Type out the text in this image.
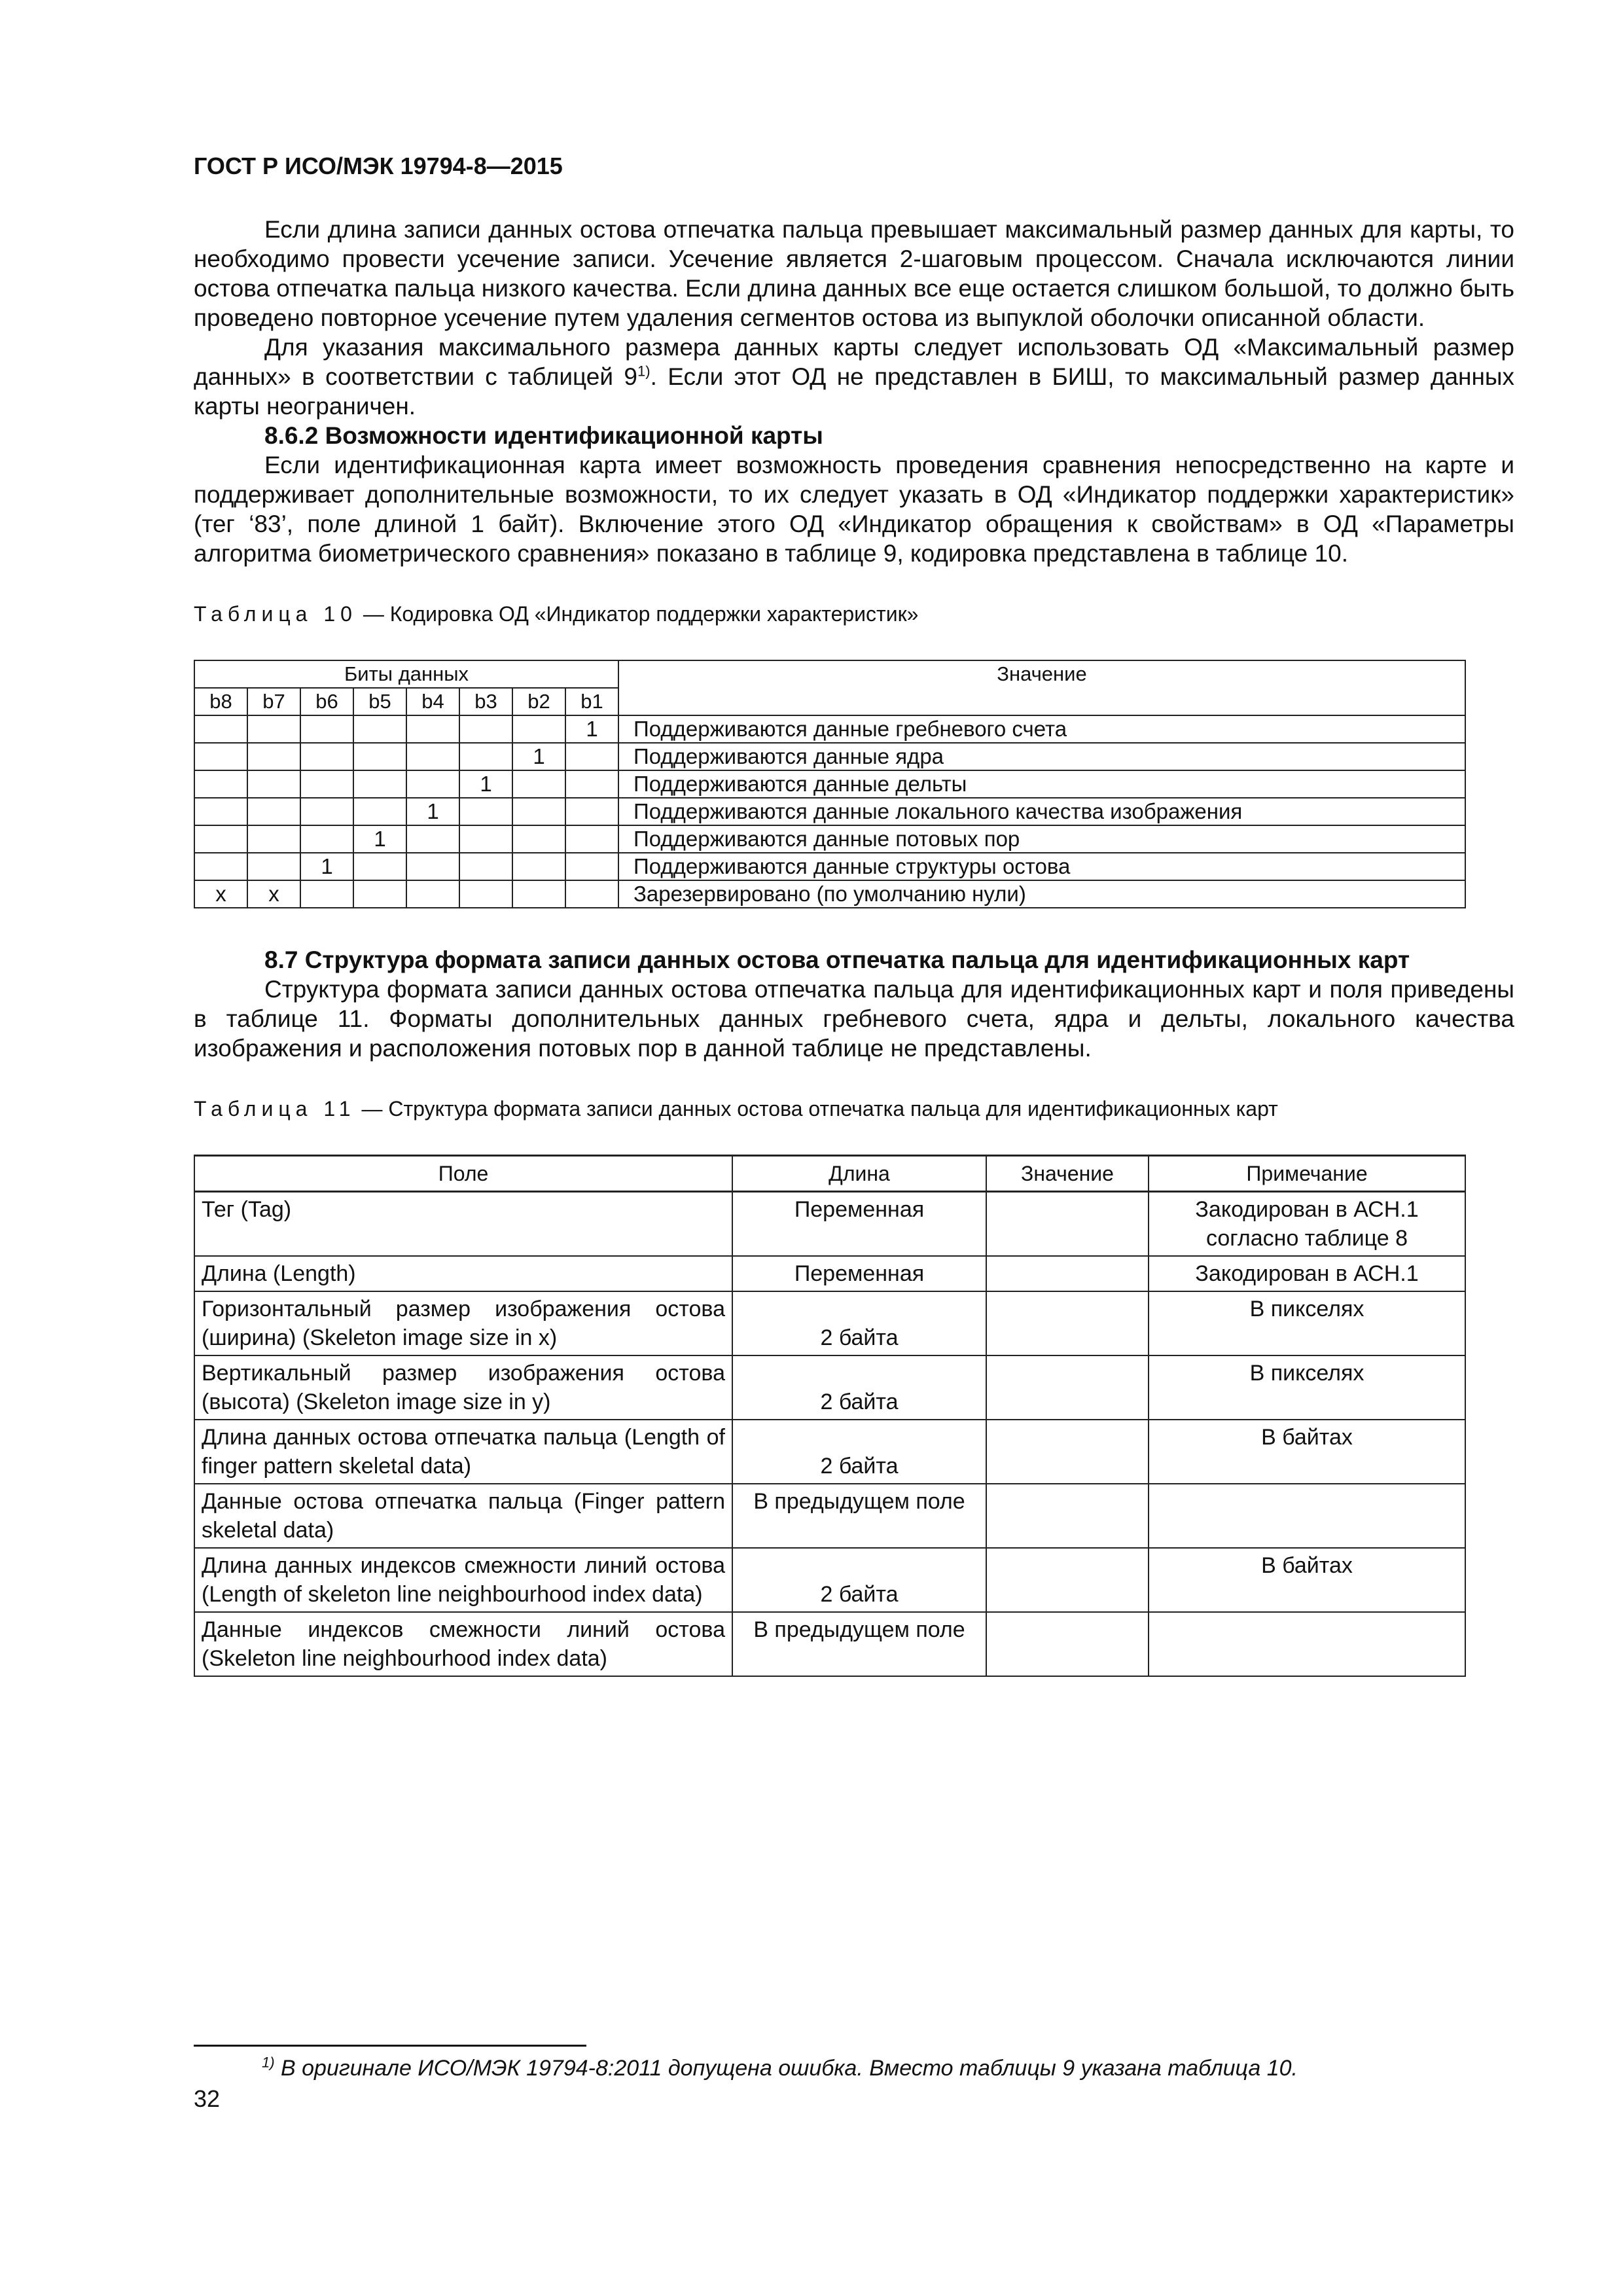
ГОСТ Р ИСО/МЭК 19794-8—2015

Если длина записи данных остова отпечатка пальца превышает максимальный размер данных для карты, то необходимо провести усечение записи. Усечение является 2-шаговым процессом. Сначала исключаются линии остова отпечатка пальца низкого качества. Если длина данных все еще остается слишком большой, то должно быть проведено повторное усечение путем удаления сегментов остова из выпуклой оболочки описанной области.

Для указания максимального размера данных карты следует использовать ОД «Максимальный размер данных» в соответствии с таблицей 9$^{1)}$. Если этот ОД не представлен в БИШ, то максимальный размер данных карты неограничен.

8.6.2 Возможности идентификационной карты

Если идентификационная карта имеет возможность проведения сравнения непосредственно на карте и поддерживает дополнительные возможности, то их следует указать в ОД «Индикатор поддержки характеристик» (тег ‘83’, поле длиной 1 байт). Включение этого ОД «Индикатор обращения к свойствам» в ОД «Параметры алгоритма биометрического сравнения» показано в таблице 9, кодировка представлена в таблице 10.

Таблица 10 — Кодировка ОД «Индикатор поддержки характеристик»
Биты данных								Значение
b8	b7	b6	b5	b4	b3	b2	b1	
							1	Поддерживаются данные гребневого счета
						1		Поддерживаются данные ядра
					1			Поддерживаются данные дельты
				1				Поддерживаются данные локального качества изображения
			1					Поддерживаются данные потовых пор
		1						Поддерживаются данные структуры остова
x	x							Зарезервировано (по умолчанию нули)
8.7 Структура формата записи данных остова отпечатка пальца для идентификационных карт

Структура формата записи данных остова отпечатка пальца для идентификационных карт и поля приведены в таблице 11. Форматы дополнительных данных гребневого счета, ядра и дельты, локального качества изображения и расположения потовых пор в данной таблице не представлены.

Таблица 11 — Структура формата записи данных остова отпечатка пальца для идентификационных карт
Поле	Длина	Значение	Примечание
Тег (Tag)	Переменная		Закодирован в АСН.1 согласно таблице 8
Длина (Length)	Переменная		Закодирован в АСН.1
Горизонтальный размер изображения остова (ширина) (Skeleton image size in x)	2 байта		В пикселях
Вертикальный размер изображения остова (высота) (Skeleton image size in y)	2 байта		В пикселях
Длина данных остова отпечатка пальца (Length of finger pattern skeletal data)	2 байта		В байтах
Данные остова отпечатка пальца (Finger pattern skeletal data)	В предыдущем поле		
Длина данных индексов смежности линий остова (Length of skeleton line neighbourhood index data)	2 байта		В байтах
Данные индексов смежности линий остова (Skeleton line neighbourhood index data)	В предыдущем поле		
$^{1)}$ В оригинале ИСО/МЭК 19794-8:2011 допущена ошибка. Вместо таблицы 9 указана таблица 10.
32
